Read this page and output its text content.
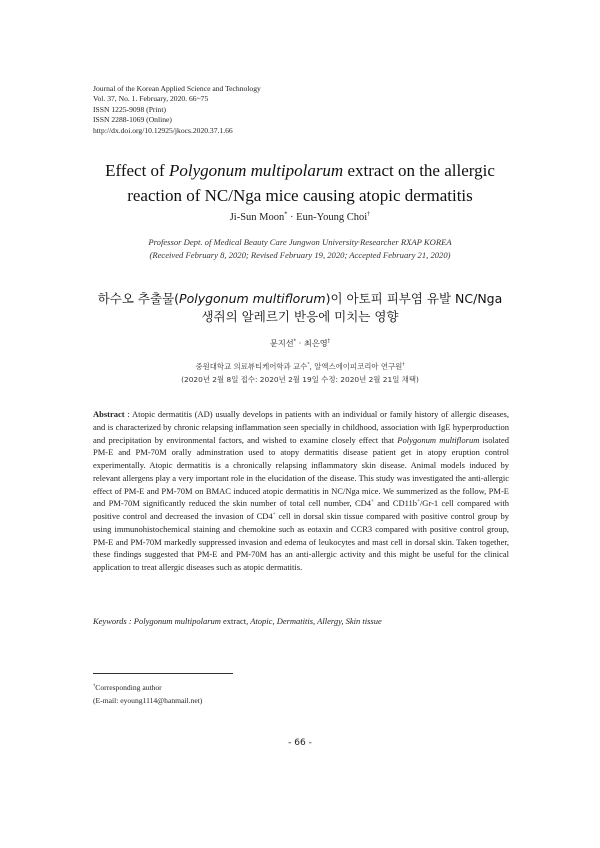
Journal of the Korean Applied Science and Technology
Vol. 37, No. 1. February, 2020. 66~75
ISSN 1225-9098 (Print)
ISSN 2288-1069 (Online)
http://dx.doi.org/10.12925/jkocs.2020.37.1.66
Effect of Polygonum multipolarum extract on the allergic
reaction of NC/Nga mice causing atopic dermatitis
Ji-Sun Moon* · Eun-Young Choi†
Professor Dept. of Medical Beauty Care Jungwon University·Researcher RXAP KOREA
(Received February 8, 2020; Revised February 19, 2020; Accepted February 21, 2020)
하수오 추출물(Polygonum multiflorum)이 아토피 피부염 유발 NC/Nga
생쥐의 알레르기 반응에 미치는 영향
문지선* · 최은영†
중원대학교 의료뷰티케어학과 교수*, 알엑스에이피코리아 연구원†
(2020년 2월 8일 접수: 2020년 2월 19일 수정: 2020년 2월 21일 채택)
Abstract : Atopic dermatitis (AD) usually develops in patients with an individual or family history of allergic diseases, and is characterized by chronic relapsing inflammation seen specially in childhood, association with IgE hyperproduction and precipitation by environmental factors, and wished to examine closely effect that Polygonum multiflorum isolated PM-E and PM-70M orally adminstration used to atopy dermatitis disease patient get in atopy eruption control experimentally. Atopic dermatitis is a chronically relapsing inflammatory skin disease. Animal models induced by relevant allergens play a very important role in the elucidation of the disease. This study was investigated the anti-allergic effect of PM-E and PM-70M on BMAC induced atopic dermatitis in NC/Nga mice. We summerized as the follow, PM-E and PM-70M significantly reduced the skin number of total cell number, CD4+ and CD11b+/Gr-1 cell compared with positive control and decreased the invasion of CD4+ cell in dorsal skin tissue compared with positive control group by using immunohistochemical staining and chemokine such as eotaxin and CCR3 compared with positive control group, PM-E and PM-70M markedly suppressed invasion and edema of leukocytes and mast cell in dorsal skin. Taken together, these findings suggested that PM-E and PM-70M has an anti-allergic activity and this might be useful for the clinical application to treat allergic diseases such as atopic dermatitis.
Keywords : Polygonum multipolarum extract, Atopic, Dermatitis, Allergy, Skin tissue
†Corresponding author
(E-mail: eyoung1114@hanmail.net)
- 66 -
